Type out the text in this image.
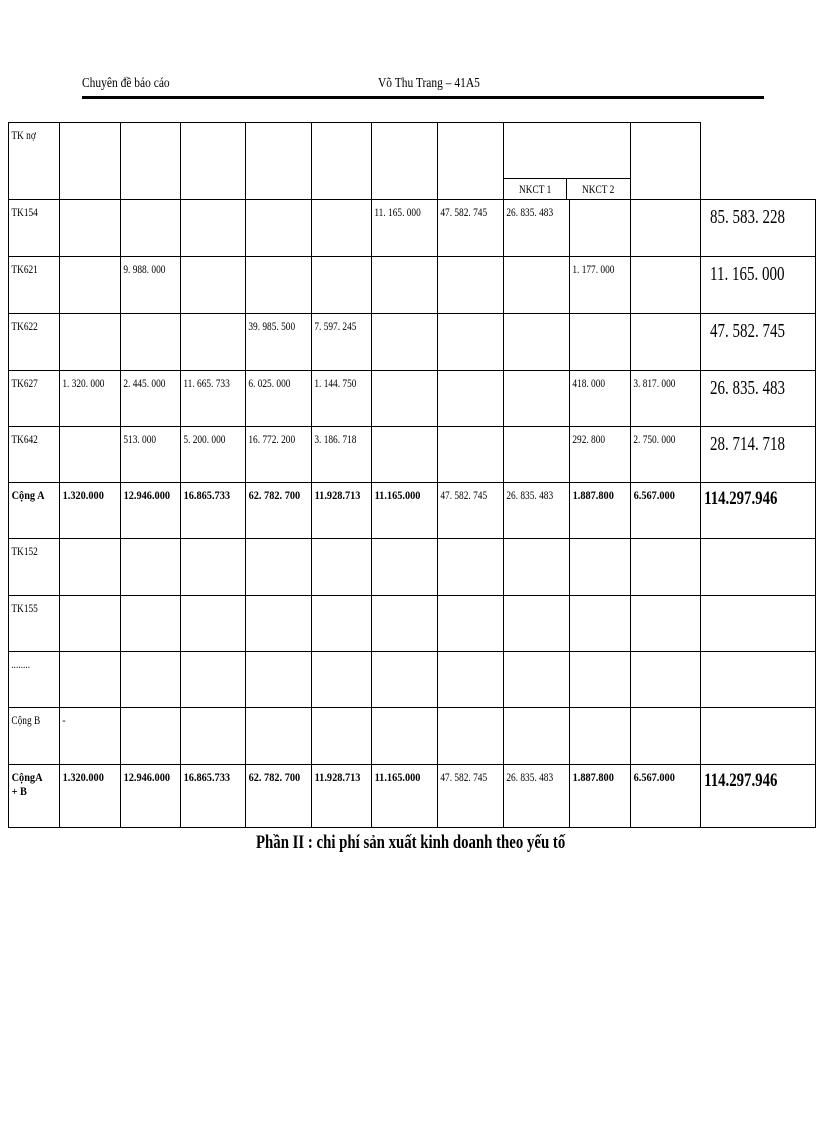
Chuyên đề báo cáo	Võ Thu Trang – 41A5
TK nợ								NKCT 1 NKCT 2			

TK154						11. 165. 000	47. 582. 745	26. 835. 483			85. 583. 228

TK621		9. 988. 000							1. 177. 000		11. 165. 000

TK622				39. 985. 500	7. 597. 245						47. 582. 745

TK627	1. 320. 000	2. 445. 000	11. 665. 733	6. 025. 000	1. 144. 750				418. 000	3. 817. 000	26. 835. 483

TK642		513. 000	5. 200. 000	16. 772. 200	3. 186. 718				292. 800	2. 750. 000	28. 714. 718

Cộng A	1.320.000	12.946.000	16.865.733	62. 782. 700	11.928.713	11.165.000	47. 582. 745	26. 835. 483	1.887.800	6.567.000	114.297.946

TK152											

TK155											

........											

Cộng B	-										

CộngA + B	1.320.000	12.946.000	16.865.733	62. 782. 700	11.928.713	11.165.000	47. 582. 745	26. 835. 483	1.887.800	6.567.000	114.297.946
Phần II : chi phí sản xuất kinh doanh theo yếu tố
